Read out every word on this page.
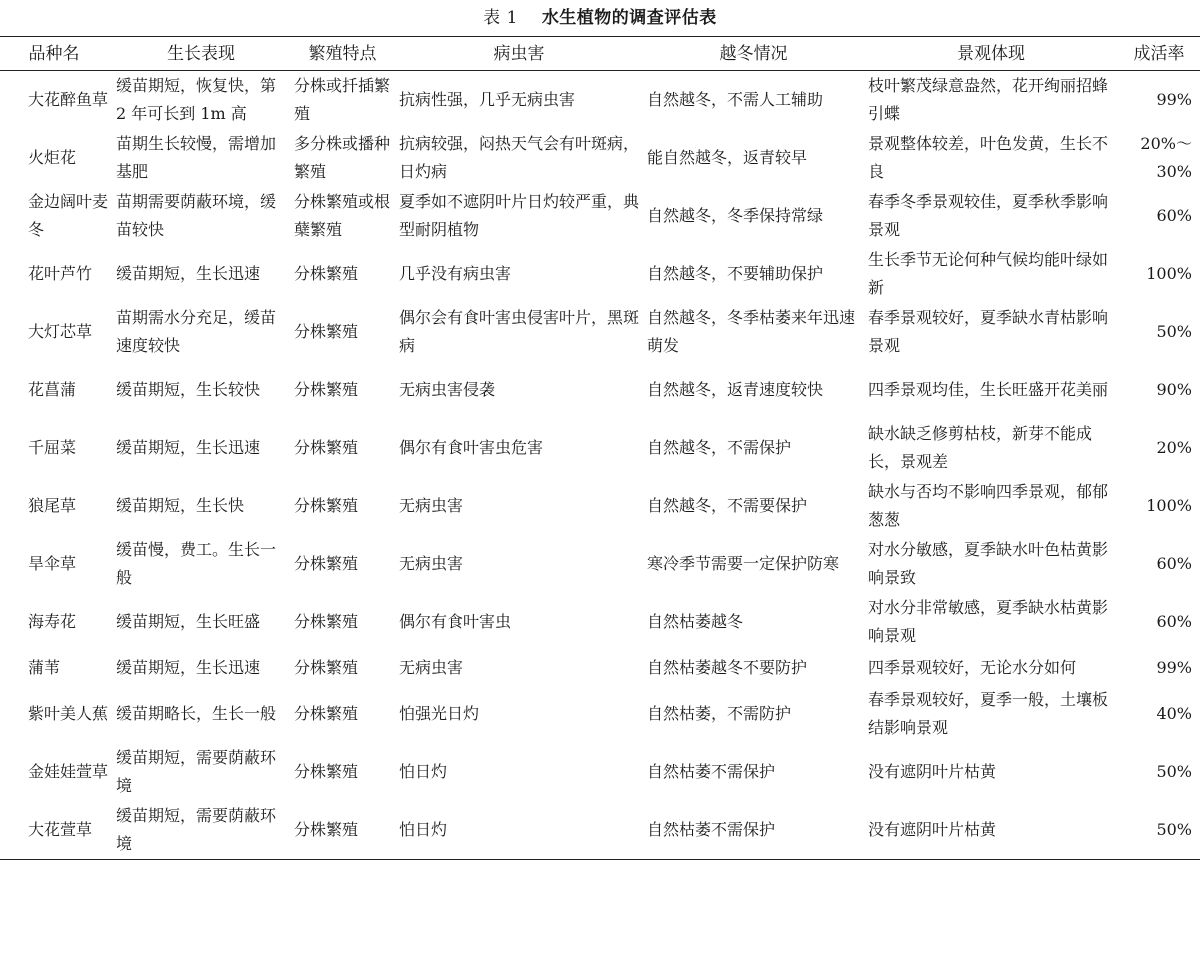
表 1 水生植物的调查评估表
品种名	生长表现	繁殖特点	病虫害	越冬情况	景观体现	成活率
大花醉鱼草	缓苗期短，恢复快，第 2 年可长到 1m 高	分株或扦插繁殖	抗病性强，几乎无病虫害	自然越冬，不需人工辅助	枝叶繁茂绿意盎然，花开绚丽招蜂引蝶	99%
火炬花	苗期生长较慢，需增加基肥	多分株或播种繁殖	抗病较强，闷热天气会有叶斑病，日灼病	能自然越冬，返青较早	景观整体较差，叶色发黄，生长不良	20%～30%
金边阔叶麦冬	苗期需要荫蔽环境，缓苗较快	分株繁殖或根蘖繁殖	夏季如不遮阴叶片日灼较严重，典型耐阴植物	自然越冬，冬季保持常绿	春季冬季景观较佳，夏季秋季影响景观	60%
花叶芦竹	缓苗期短，生长迅速	分株繁殖	几乎没有病虫害	自然越冬，不要辅助保护	生长季节无论何种气候均能叶绿如新	100%
大灯芯草	苗期需水分充足，缓苗速度较快	分株繁殖	偶尔会有食叶害虫侵害叶片，黑斑病	自然越冬，冬季枯萎来年迅速萌发	春季景观较好，夏季缺水青枯影响景观	50%
花菖蒲	缓苗期短，生长较快	分株繁殖	无病虫害侵袭	自然越冬，返青速度较快	四季景观均佳，生长旺盛开花美丽	90%
千屈菜	缓苗期短，生长迅速	分株繁殖	偶尔有食叶害虫危害	自然越冬，不需保护	缺水缺乏修剪枯枝，新芽不能成长，景观差	20%
狼尾草	缓苗期短，生长快	分株繁殖	无病虫害	自然越冬，不需要保护	缺水与否均不影响四季景观，郁郁葱葱	100%
旱伞草	缓苗慢，费工。生长一般	分株繁殖	无病虫害	寒冷季节需要一定保护防寒	对水分敏感，夏季缺水叶色枯黄影响景致	60%
海寿花	缓苗期短，生长旺盛	分株繁殖	偶尔有食叶害虫	自然枯萎越冬	对水分非常敏感，夏季缺水枯黄影响景观	60%
蒲苇	缓苗期短，生长迅速	分株繁殖	无病虫害	自然枯萎越冬不要防护	四季景观较好，无论水分如何	99%
紫叶美人蕉	缓苗期略长，生长一般	分株繁殖	怕强光日灼	自然枯萎，不需防护	春季景观较好，夏季一般，土壤板结影响景观	40%
金娃娃萱草	缓苗期短，需要荫蔽环境	分株繁殖	怕日灼	自然枯萎不需保护	没有遮阴叶片枯黄	50%
大花萱草	缓苗期短，需要荫蔽环境	分株繁殖	怕日灼	自然枯萎不需保护	没有遮阴叶片枯黄	50%
